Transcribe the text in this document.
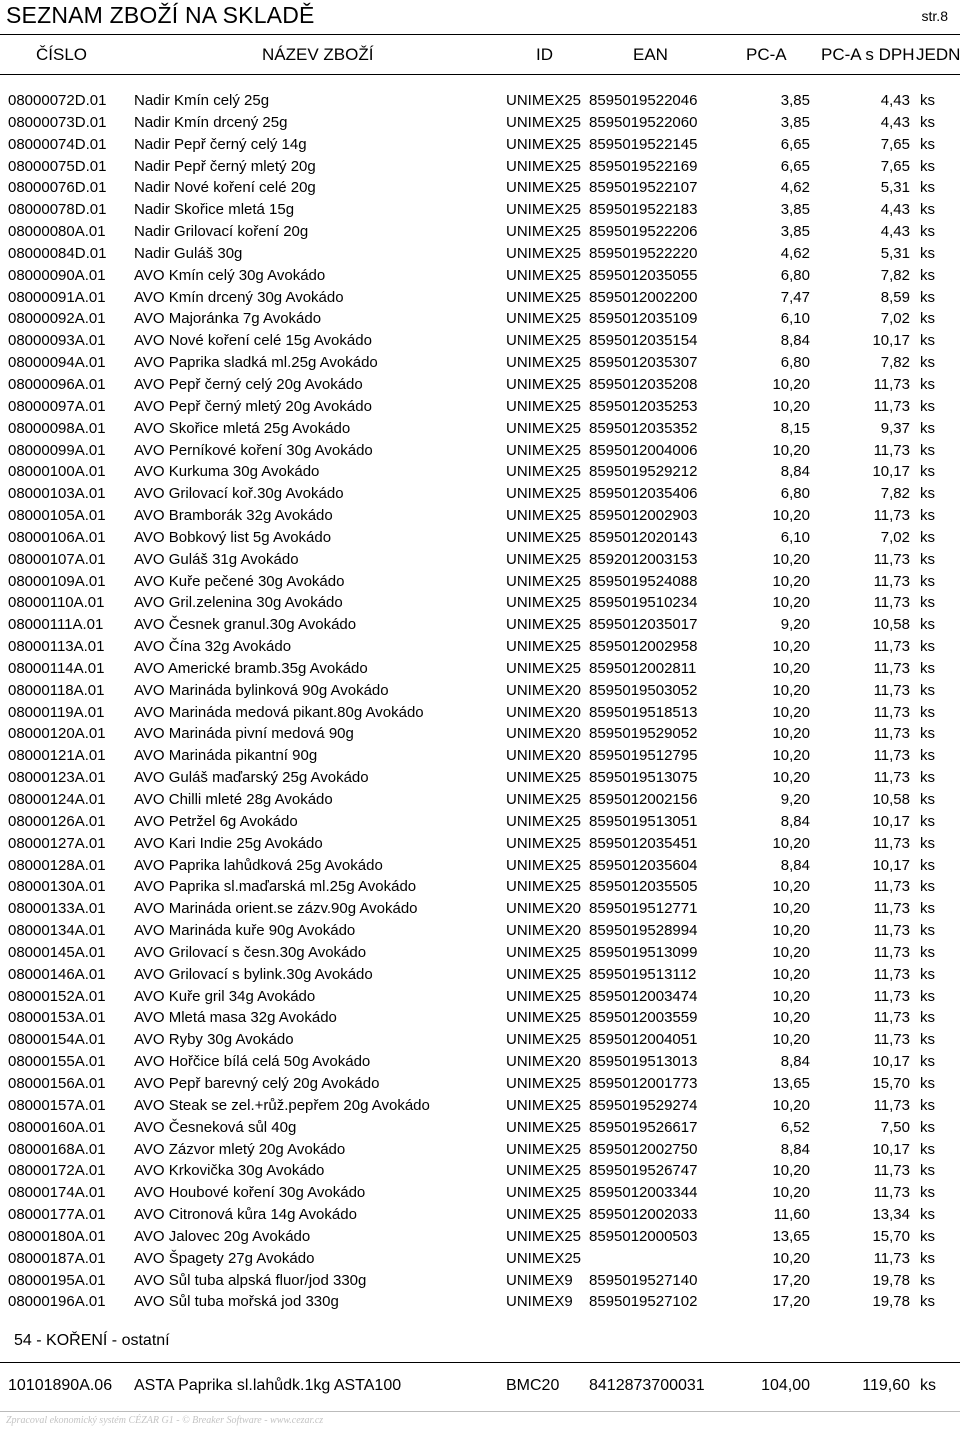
SEZNAM ZBOŽÍ NA SKLADĚ	str.8
ČÍSLO	NÁZEV ZBOŽÍ	ID	EAN	PC-A PC-A s DPH JEDN
08000072D.01 Nadir Kmín celý 25g	UNIMEX25 8595019522046	3,85	4,43 ks
08000073D.01 Nadir Kmín drcený 25g	UNIMEX25 8595019522060	3,85	4,43 ks
08000074D.01 Nadir Pepř černý celý 14g	UNIMEX25 8595019522145	6,65	7,65 ks
08000075D.01 Nadir Pepř černý mletý 20g	UNIMEX25 8595019522169	6,65	7,65 ks
08000076D.01 Nadir Nové koření celé 20g	UNIMEX25 8595019522107	4,62	5,31 ks
08000078D.01 Nadir Skořice mletá 15g	UNIMEX25 8595019522183	3,85	4,43 ks
08000080A.01 Nadir Grilovací koření 20g	UNIMEX25 8595019522206	3,85	4,43 ks
08000084D.01 Nadir Guláš 30g	UNIMEX25 8595019522220	4,62	5,31 ks
08000090A.01 AVO Kmín celý 30g Avokádo	UNIMEX25 8595012035055	6,80	7,82 ks
08000091A.01 AVO Kmín drcený 30g Avokádo	UNIMEX25 8595012002200	7,47	8,59 ks
08000092A.01 AVO Majoránka 7g Avokádo	UNIMEX25 8595012035109	6,10	7,02 ks
08000093A.01 AVO Nové koření celé 15g Avokádo	UNIMEX25 8595012035154	8,84	10,17 ks
08000094A.01 AVO Paprika sladká ml.25g Avokádo	UNIMEX25 8595012035307	6,80	7,82 ks
08000096A.01 AVO Pepř černý celý 20g Avokádo	UNIMEX25 8595012035208	10,20	11,73 ks
08000097A.01 AVO Pepř černý mletý 20g Avokádo	UNIMEX25 8595012035253	10,20	11,73 ks
08000098A.01 AVO Skořice mletá 25g Avokádo	UNIMEX25 8595012035352	8,15	9,37 ks
08000099A.01 AVO Perníkové koření 30g Avokádo	UNIMEX25 8595012004006	10,20	11,73 ks
08000100A.01 AVO Kurkuma 30g Avokádo	UNIMEX25 8595019529212	8,84	10,17 ks
08000103A.01 AVO Grilovací koř.30g Avokádo	UNIMEX25 8595012035406	6,80	7,82 ks
08000105A.01 AVO Bramborák 32g Avokádo	UNIMEX25 8595012002903	10,20	11,73 ks
08000106A.01 AVO Bobkový list 5g Avokádo	UNIMEX25 8595012020143	6,10	7,02 ks
08000107A.01 AVO Guláš 31g Avokádo	UNIMEX25 8592012003153	10,20	11,73 ks
08000109A.01 AVO Kuře pečené 30g Avokádo	UNIMEX25 8595019524088	10,20	11,73 ks
08000110A.01 AVO Gril.zelenina 30g Avokádo	UNIMEX25 8595019510234	10,20	11,73 ks
08000111A.01 AVO Česnek granul.30g Avokádo	UNIMEX25 8595012035017	9,20	10,58 ks
08000113A.01 AVO Čína 32g Avokádo	UNIMEX25 8595012002958	10,20	11,73 ks
08000114A.01 AVO Americké bramb.35g Avokádo	UNIMEX25 8595012002811	10,20	11,73 ks
08000118A.01 AVO Marináda bylinková 90g Avokádo	UNIMEX20 8595019503052	10,20	11,73 ks
08000119A.01 AVO Marináda medová pikant.80g Avokádo	UNIMEX20 8595019518513	10,20	11,73 ks
08000120A.01 AVO Marináda pivní medová 90g	UNIMEX20 8595019529052	10,20	11,73 ks
08000121A.01 AVO Marináda pikantní 90g	UNIMEX20 8595019512795	10,20	11,73 ks
08000123A.01 AVO Guláš maďarský 25g Avokádo	UNIMEX25 8595019513075	10,20	11,73 ks
08000124A.01 AVO Chilli mleté 28g Avokádo	UNIMEX25 8595012002156	9,20	10,58 ks
08000126A.01 AVO Petržel 6g Avokádo	UNIMEX25 8595019513051	8,84	10,17 ks
08000127A.01 AVO Kari Indie 25g Avokádo	UNIMEX25 8595012035451	10,20	11,73 ks
08000128A.01 AVO Paprika lahůdková 25g Avokádo	UNIMEX25 8595012035604	8,84	10,17 ks
08000130A.01 AVO Paprika sl.maďarská ml.25g Avokádo	UNIMEX25 8595012035505	10,20	11,73 ks
08000133A.01 AVO Marináda orient.se zázv.90g Avokádo	UNIMEX20 8595019512771	10,20	11,73 ks
08000134A.01 AVO Marináda kuře 90g Avokádo	UNIMEX20 8595019528994	10,20	11,73 ks
08000145A.01 AVO Grilovací s česn.30g Avokádo	UNIMEX25 8595019513099	10,20	11,73 ks
08000146A.01 AVO Grilovací s bylink.30g Avokádo	UNIMEX25 8595019513112	10,20	11,73 ks
08000152A.01 AVO Kuře gril 34g Avokádo	UNIMEX25 8595012003474	10,20	11,73 ks
08000153A.01 AVO Mletá masa 32g Avokádo	UNIMEX25 8595012003559	10,20	11,73 ks
08000154A.01 AVO Ryby 30g Avokádo	UNIMEX25 8595012004051	10,20	11,73 ks
08000155A.01 AVO Hořčice bílá celá 50g Avokádo	UNIMEX20 8595019513013	8,84	10,17 ks
08000156A.01 AVO Pepř barevný celý 20g Avokádo	UNIMEX25 8595012001773	13,65	15,70 ks
08000157A.01 AVO Steak se zel.+růž.pepřem 20g Avokádo	UNIMEX25 8595019529274	10,20	11,73 ks
08000160A.01 AVO Česneková sůl 40g	UNIMEX25 8595019526617	6,52	7,50 ks
08000168A.01 AVO Zázvor mletý 20g Avokádo	UNIMEX25 8595012002750	8,84	10,17 ks
08000172A.01 AVO Krkovička 30g Avokádo	UNIMEX25 8595019526747	10,20	11,73 ks
08000174A.01 AVO Houbové koření 30g Avokádo	UNIMEX25 8595012003344	10,20	11,73 ks
08000177A.01 AVO Citronová kůra 14g Avokádo	UNIMEX25 8595012002033	11,60	13,34 ks
08000180A.01 AVO Jalovec 20g Avokádo	UNIMEX25 8595012000503	13,65	15,70 ks
08000187A.01 AVO Špagety 27g Avokádo	UNIMEX25	10,20	11,73 ks
08000195A.01 AVO Sůl tuba alpská fluor/jod 330g	UNIMEX9 8595019527140	17,20	19,78 ks
08000196A.01 AVO Sůl tuba mořská jod 330g	UNIMEX9 8595019527102	17,20	19,78 ks
54 - KOŘENÍ - ostatní
10101890A.06 ASTA Paprika sl.lahůdk.1kg ASTA100	BMC20 8412873700031	104,00	119,60 ks
Zpracoval ekonomický systém CÉZAR G1 - © Breaker Software - www.cezar.cz
